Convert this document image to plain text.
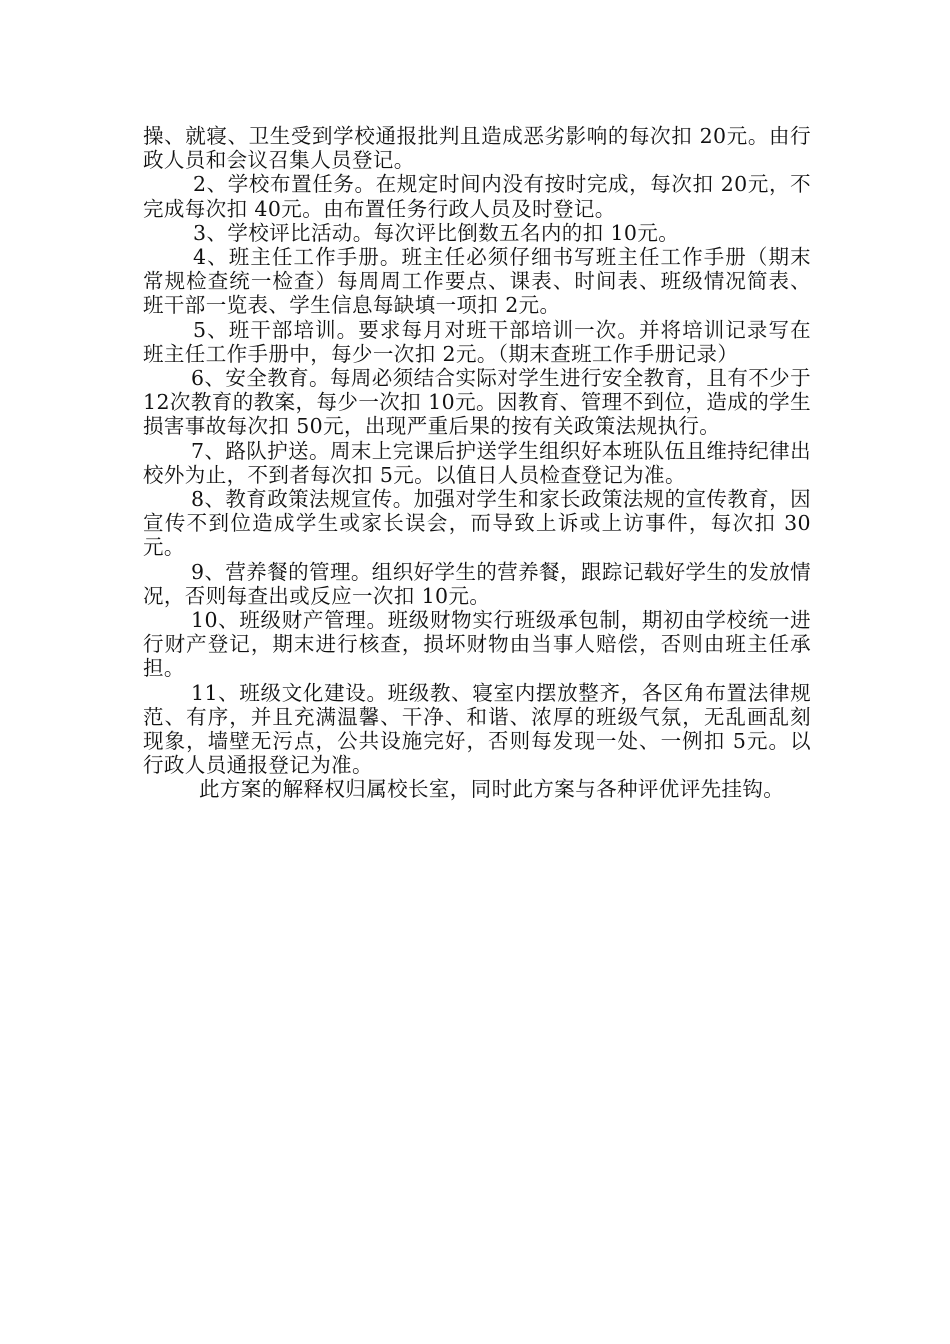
操、就寝、卫生受到学校通报批判且造成恶劣影响的每次扣 20元。由行政人员和会议召集人员登记。

2、学校布置任务。在规定时间内没有按时完成，每次扣 20元，不完成每次扣 40元。由布置任务行政人员及时登记。

3、学校评比活动。每次评比倒数五名内的扣 10元。

4、班主任工作手册。班主任必须仔细书写班主任工作手册（期末常规检查统一检查）每周周工作要点、课表、时间表、班级情况简表、班干部一览表、学生信息每缺填一项扣 2元。

5、班干部培训。要求每月对班干部培训一次。并将培训记录写在班主任工作手册中，每少一次扣 2元。（期末查班工作手册记录）

6、安全教育。每周必须结合实际对学生进行安全教育，且有不少于 12次教育的教案，每少一次扣 10元。因教育、管理不到位，造成的学生损害事故每次扣 50元，出现严重后果的按有关政策法规执行。

7、路队护送。周末上完课后护送学生组织好本班队伍且维持纪律出校外为止，不到者每次扣 5元。以值日人员检查登记为准。

8、教育政策法规宣传。加强对学生和家长政策法规的宣传教育，因宣传不到位造成学生或家长误会，而导致上诉或上访事件，每次扣 30元。

9、营养餐的管理。组织好学生的营养餐，跟踪记载好学生的发放情况，否则每查出或反应一次扣 10元。

10、班级财产管理。班级财物实行班级承包制，期初由学校统一进行财产登记，期末进行核查，损坏财物由当事人赔偿，否则由班主任承担。

11、班级文化建设。班级教、寝室内摆放整齐，各区角布置法律规范、有序，并且充满温馨、干净、和谐、浓厚的班级气氛，无乱画乱刻现象，墙壁无污点，公共设施完好，否则每发现一处、一例扣 5元。以行政人员通报登记为准。

此方案的解释权归属校长室，同时此方案与各种评优评先挂钩。
